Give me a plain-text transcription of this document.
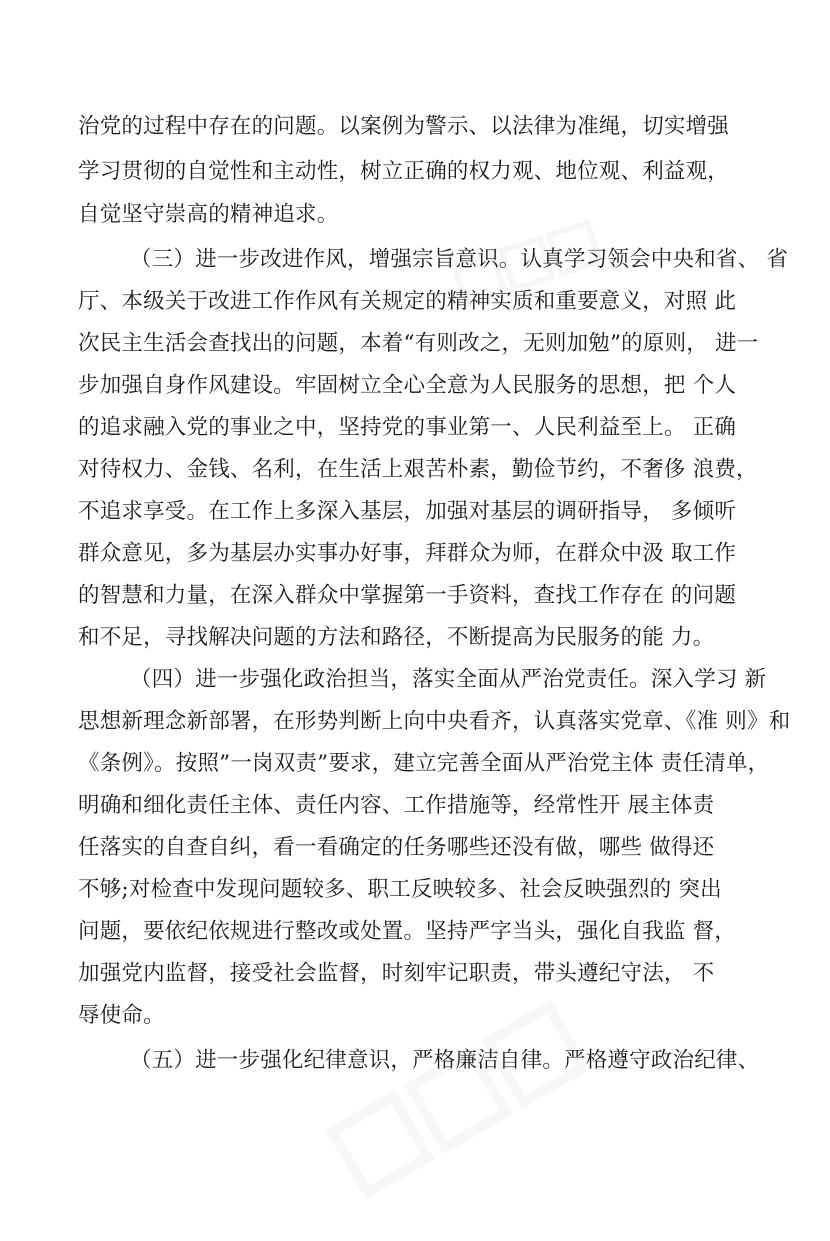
治党的过程中存在的问题。以案例为警示、以法律为准绳，切实增强
学习贯彻的自觉性和主动性，树立正确的权力观、地位观、利益观，
自觉坚守崇高的精神追求。
（三）进一步改进作风，增强宗旨意识。认真学习领会中央和省、 省
厅、本级关于改进工作作风有关规定的精神实质和重要意义，对照 此
次民主生活会查找出的问题，本着“有则改之，无则加勉”的原则， 进一
步加强自身作风建设。牢固树立全心全意为人民服务的思想，把 个人
的追求融入党的事业之中，坚持党的事业第一、人民利益至上。 正确
对待权力、金钱、名利，在生活上艰苦朴素，勤俭节约，不奢侈 浪费，
不追求享受。在工作上多深入基层，加强对基层的调研指导， 多倾听
群众意见，多为基层办实事办好事，拜群众为师，在群众中汲 取工作
的智慧和力量，在深入群众中掌握第一手资料，查找工作存在 的问题
和不足，寻找解决问题的方法和路径，不断提高为民服务的能 力。
（四）进一步强化政治担当，落实全面从严治党责任。深入学习 新
思想新理念新部署，在形势判断上向中央看齐，认真落实党章、《准 则》和
《条例》。按照”一岗双责”要求，建立完善全面从严治党主体 责任清单，
明确和细化责任主体、责任内容、工作措施等，经常性开 展主体责
任落实的自查自纠，看一看确定的任务哪些还没有做，哪些 做得还
不够;对检查中发现问题较多、职工反映较多、社会反映强烈的 突出
问题，要依纪依规进行整改或处置。坚持严字当头，强化自我监 督，
加强党内监督，接受社会监督，时刻牢记职责，带头遵纪守法， 不
辱使命。
（五）进一步强化纪律意识，严格廉洁自律。严格遵守政治纪律、
